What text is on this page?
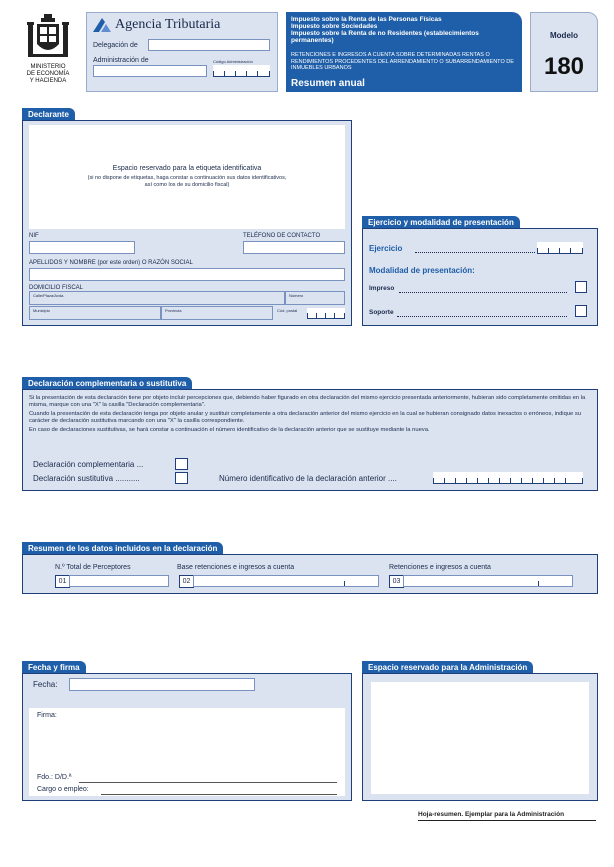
MINISTERIO
DE ECONOMÍA
Y HACIENDA
Agencia Tributaria
Delegación de
Administración de	Código Administración
Impuesto sobre la Renta de las Personas Físicas
Impuesto sobre Sociedades
Impuesto sobre la Renta de no Residentes (establecimientos permanentes)
RETENCIONES E INGRESOS A CUENTA SOBRE DETERMINADAS RENTAS O RENDIMIENTOS PROCEDENTES DEL ARRENDAMIENTO O SUBARRENDAMIENTO DE INMUEBLES URBANOS
Resumen anual
Modelo
180
Declarante
Espacio reservado para la etiqueta identificativa
(si no dispone de etiquetas, haga constar a continuación sus datos identificativos,
así como los de su domicilio fiscal)
NIF	TELÉFONO DE CONTACTO
APELLIDOS Y NOMBRE (por este orden) O RAZÓN SOCIAL
DOMICILIO FISCAL
Calle/Plaza/Avda.	Número
Municipio	Provincia	Cód. postal
Ejercicio y modalidad de presentación
Ejercicio
Modalidad de presentación:
Impreso
Soporte
Declaración complementaria o sustitutiva
Si la presentación de esta declaración tiene por objeto incluir percepciones que, debiendo haber figurado en otra declaración del mismo ejercicio presentada anteriormente, hubieran sido completamente omitidas en la misma, marque con una "X" la casilla "Declaración complementaria".
Cuando la presentación de esta declaración tenga por objeto anular y sustituir completamente a otra declaración anterior del mismo ejercicio en la cual se hubieran consignado datos inexactos o erróneos, indique su carácter de declaración sustitutiva marcando con una "X" la casilla correspondiente.
En caso de declaraciones sustitutivas, se hará constar a continuación el número identificativo de la declaración anterior que se sustituye mediante la nueva.
Declaración complementaria ...
Declaración sustitutiva ...........	Número identificativo de la declaración anterior ....
Resumen de los datos incluidos en la declaración
N.º Total de Perceptores	Base retenciones e ingresos a cuenta	Retenciones e ingresos a cuenta
01	02	03
Fecha y firma
Fecha:
Firma:
Fdo.: D/D.ª
Cargo o empleo:
Espacio reservado para la Administración
Hoja-resumen. Ejemplar para la Administración
